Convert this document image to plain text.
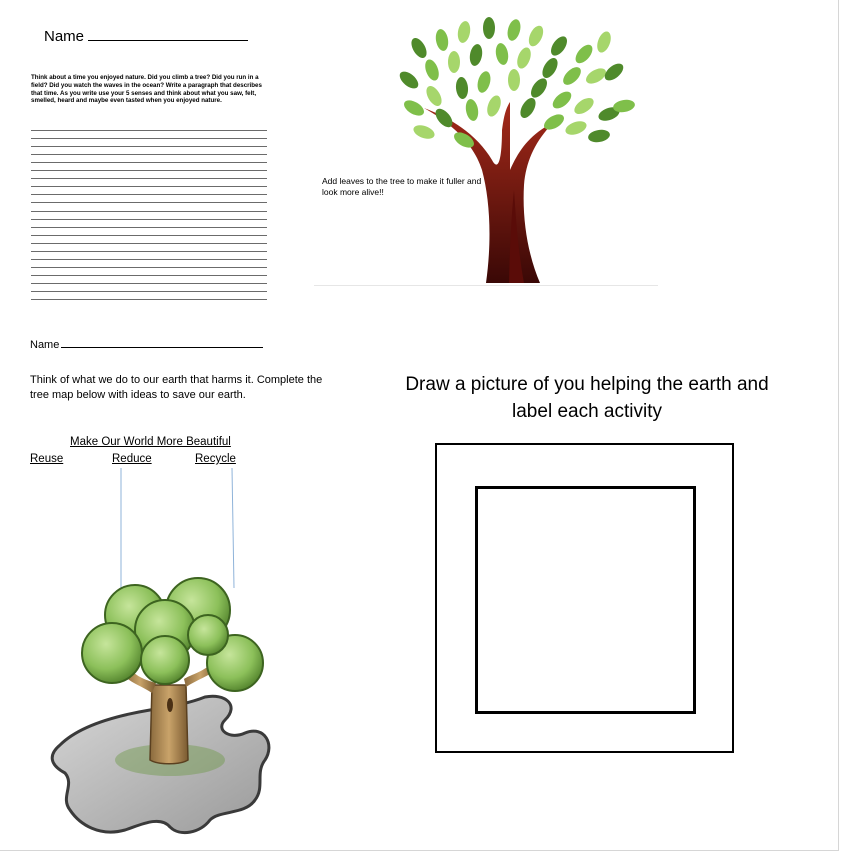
Name
Think about a time you enjoyed nature. Did you climb a tree? Did you run in a field? Did you watch the waves in the ocean? Write a paragraph that describes that time. As you write use your 5 senses and think about what you saw, felt, smelled, heard and maybe even tasted when you enjoyed nature.
Add leaves to the tree to make it fuller and look more alive!!
Name
Think of what we do to our earth that harms it. Complete the tree map below with ideas to save our earth.
Make Our World More Beautiful
Reuse	Reduce	Recycle
Draw a picture of you helping the earth and label each activity
